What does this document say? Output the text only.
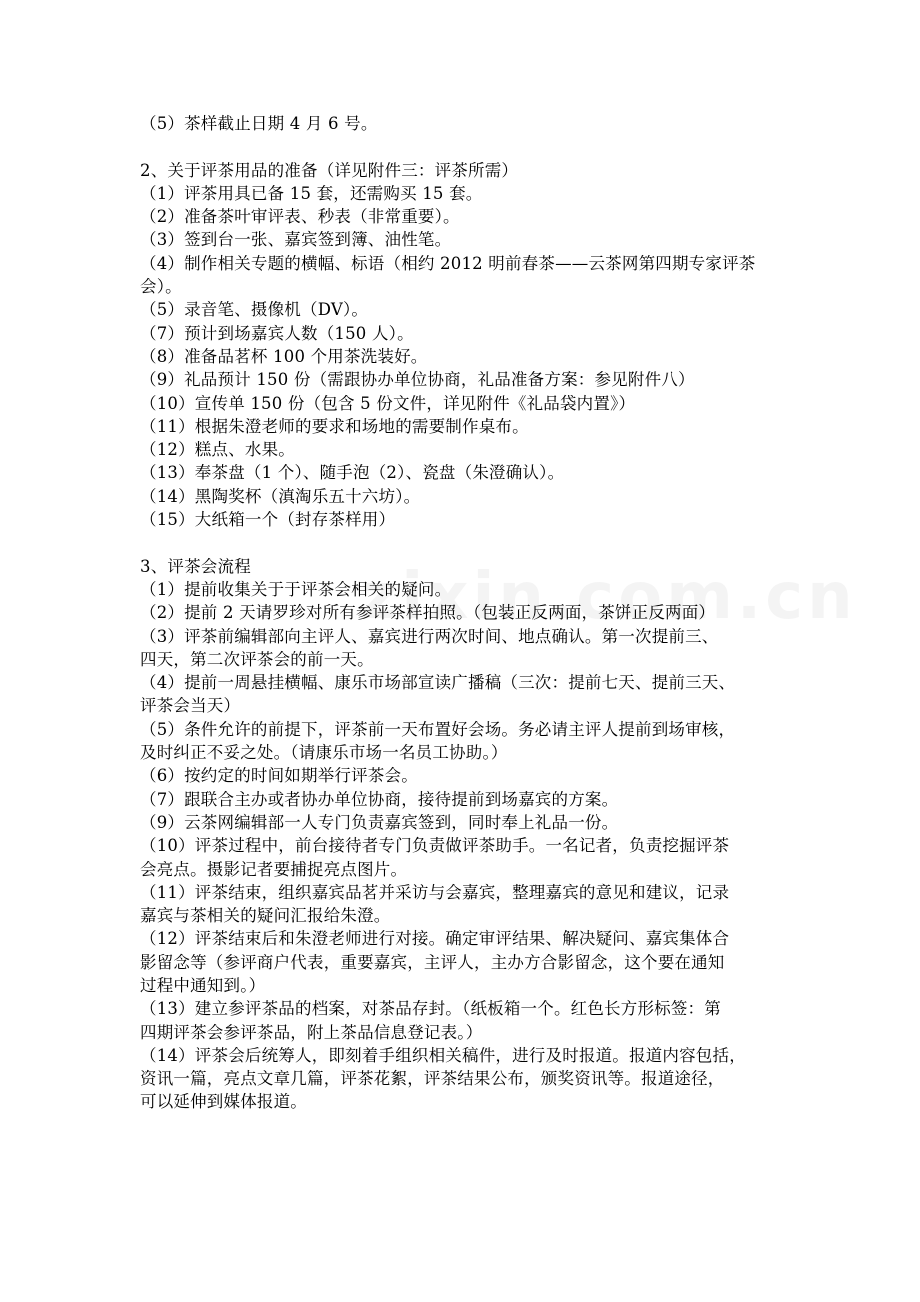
（5）茶样截止日期 4 月 6 号。
2、关于评茶用品的准备（详见附件三：评茶所需）
（1）评茶用具已备 15 套，还需购买 15 套。
（2）准备茶叶审评表、秒表（非常重要）。
（3）签到台一张、嘉宾签到簿、油性笔。
（4）制作相关专题的横幅、标语（相约 2012 明前春茶——云茶网第四期专家评茶
会）。
（5）录音笔、摄像机（DV）。
（7）预计到场嘉宾人数（150 人）。
（8）准备品茗杯 100 个用茶洗装好。
（9）礼品预计 150 份（需跟协办单位协商，礼品准备方案：参见附件八）
（10）宣传单 150 份（包含 5 份文件，详见附件《礼品袋内置》）
（11）根据朱澄老师的要求和场地的需要制作桌布。
（12）糕点、水果。
（13）奉茶盘（1 个）、随手泡（2）、瓷盘（朱澄确认）。
（14）黑陶奖杯（滇淘乐五十六坊）。
（15）大纸箱一个（封存茶样用）
3、评茶会流程
（1）提前收集关于于评茶会相关的疑问。
（2）提前 2 天请罗珍对所有参评茶样拍照。（包装正反两面，茶饼正反两面）
（3）评茶前编辑部向主评人、嘉宾进行两次时间、地点确认。第一次提前三、
四天，第二次评茶会的前一天。
（4）提前一周悬挂横幅、康乐市场部宣读广播稿（三次：提前七天、提前三天、
评茶会当天）
（5）条件允许的前提下，评茶前一天布置好会场。务必请主评人提前到场审核，
及时纠正不妥之处。（请康乐市场一名员工协助。）
（6）按约定的时间如期举行评茶会。
（7）跟联合主办或者协办单位协商，接待提前到场嘉宾的方案。
（9）云茶网编辑部一人专门负责嘉宾签到，同时奉上礼品一份。
（10）评茶过程中，前台接待者专门负责做评茶助手。一名记者，负责挖掘评茶
会亮点。摄影记者要捕捉亮点图片。
（11）评茶结束，组织嘉宾品茗并采访与会嘉宾，整理嘉宾的意见和建议，记录
嘉宾与茶相关的疑问汇报给朱澄。
（12）评茶结束后和朱澄老师进行对接。确定审评结果、解决疑问、嘉宾集体合
影留念等（参评商户代表，重要嘉宾，主评人，主办方合影留念，这个要在通知
过程中通知到。）
（13）建立参评茶品的档案，对茶品存封。（纸板箱一个。红色长方形标签：第
四期评茶会参评茶品，附上茶品信息登记表。）
（14）评茶会后统筹人，即刻着手组织相关稿件，进行及时报道。报道内容包括，
资讯一篇，亮点文章几篇，评茶花絮，评茶结果公布，颁奖资讯等。报道途径，
可以延伸到媒体报道。
